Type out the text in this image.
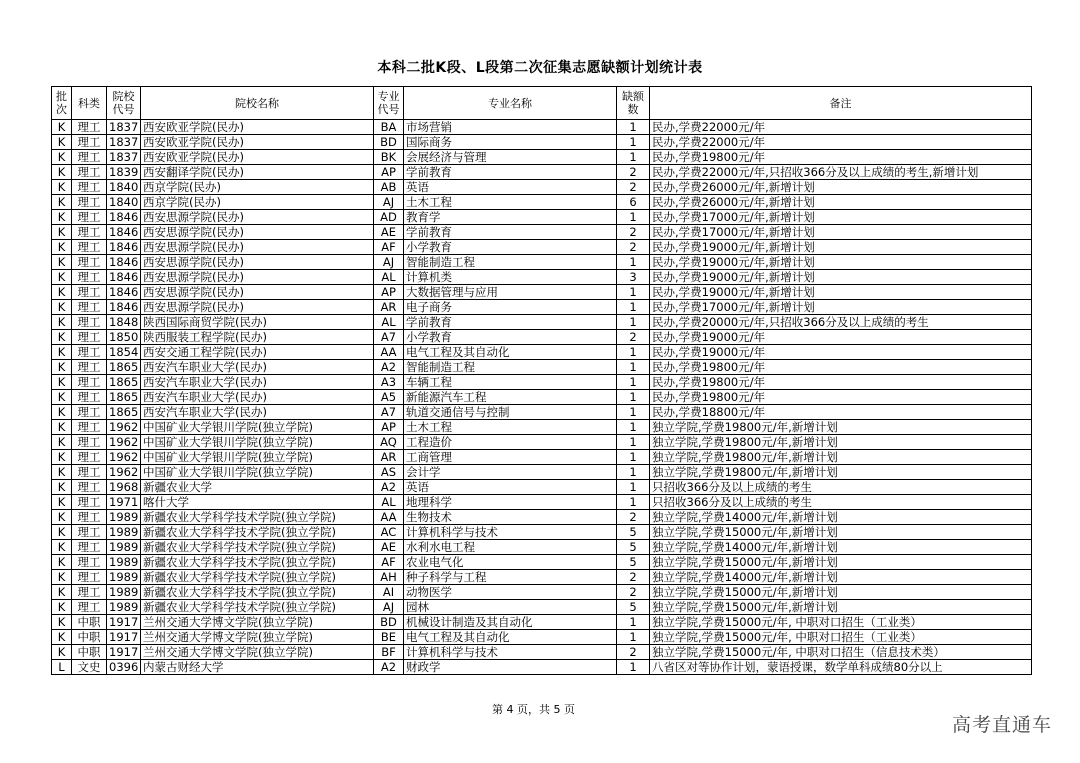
本科二批K段、L段第二次征集志愿缺额计划统计表
批次	科类	院校代号	院校名称	专业代号	专业名称	缺额数	备注
K	理工	1837	西安欧亚学院(民办)	BA	市场营销	1	民办,学费22000元/年
K	理工	1837	西安欧亚学院(民办)	BD	国际商务	1	民办,学费22000元/年
K	理工	1837	西安欧亚学院(民办)	BK	会展经济与管理	1	民办,学费19800元/年
K	理工	1839	西安翻译学院(民办)	AP	学前教育	2	民办,学费22000元/年,只招收366分及以上成绩的考生,新增计划
K	理工	1840	西京学院(民办)	AB	英语	2	民办,学费26000元/年,新增计划
K	理工	1840	西京学院(民办)	AJ	土木工程	6	民办,学费26000元/年,新增计划
K	理工	1846	西安思源学院(民办)	AD	教育学	1	民办,学费17000元/年,新增计划
K	理工	1846	西安思源学院(民办)	AE	学前教育	2	民办,学费17000元/年,新增计划
K	理工	1846	西安思源学院(民办)	AF	小学教育	2	民办,学费19000元/年,新增计划
K	理工	1846	西安思源学院(民办)	AJ	智能制造工程	1	民办,学费19000元/年,新增计划
K	理工	1846	西安思源学院(民办)	AL	计算机类	3	民办,学费19000元/年,新增计划
K	理工	1846	西安思源学院(民办)	AP	大数据管理与应用	1	民办,学费19000元/年,新增计划
K	理工	1846	西安思源学院(民办)	AR	电子商务	1	民办,学费17000元/年,新增计划
K	理工	1848	陕西国际商贸学院(民办)	AL	学前教育	1	民办,学费20000元/年,只招收366分及以上成绩的考生
K	理工	1850	陕西服装工程学院(民办)	A7	小学教育	2	民办,学费19000元/年
K	理工	1854	西安交通工程学院(民办)	AA	电气工程及其自动化	1	民办,学费19000元/年
K	理工	1865	西安汽车职业大学(民办)	A2	智能制造工程	1	民办,学费19800元/年
K	理工	1865	西安汽车职业大学(民办)	A3	车辆工程	1	民办,学费19800元/年
K	理工	1865	西安汽车职业大学(民办)	A5	新能源汽车工程	1	民办,学费19800元/年
K	理工	1865	西安汽车职业大学(民办)	A7	轨道交通信号与控制	1	民办,学费18800元/年
K	理工	1962	中国矿业大学银川学院(独立学院)	AP	土木工程	1	独立学院,学费19800元/年,新增计划
K	理工	1962	中国矿业大学银川学院(独立学院)	AQ	工程造价	1	独立学院,学费19800元/年,新增计划
K	理工	1962	中国矿业大学银川学院(独立学院)	AR	工商管理	1	独立学院,学费19800元/年,新增计划
K	理工	1962	中国矿业大学银川学院(独立学院)	AS	会计学	1	独立学院,学费19800元/年,新增计划
K	理工	1968	新疆农业大学	A2	英语	1	只招收366分及以上成绩的考生
K	理工	1971	喀什大学	AL	地理科学	1	只招收366分及以上成绩的考生
K	理工	1989	新疆农业大学科学技术学院(独立学院)	AA	生物技术	2	独立学院,学费14000元/年,新增计划
K	理工	1989	新疆农业大学科学技术学院(独立学院)	AC	计算机科学与技术	5	独立学院,学费15000元/年,新增计划
K	理工	1989	新疆农业大学科学技术学院(独立学院)	AE	水利水电工程	5	独立学院,学费14000元/年,新增计划
K	理工	1989	新疆农业大学科学技术学院(独立学院)	AF	农业电气化	5	独立学院,学费15000元/年,新增计划
K	理工	1989	新疆农业大学科学技术学院(独立学院)	AH	种子科学与工程	2	独立学院,学费14000元/年,新增计划
K	理工	1989	新疆农业大学科学技术学院(独立学院)	AI	动物医学	2	独立学院,学费15000元/年,新增计划
K	理工	1989	新疆农业大学科学技术学院(独立学院)	AJ	园林	5	独立学院,学费15000元/年,新增计划
K	中职	1917	兰州交通大学博文学院(独立学院)	BD	机械设计制造及其自动化	1	独立学院,学费15000元/年, 中职对口招生（工业类）
K	中职	1917	兰州交通大学博文学院(独立学院)	BE	电气工程及其自动化	1	独立学院,学费15000元/年, 中职对口招生（工业类）
K	中职	1917	兰州交通大学博文学院(独立学院)	BF	计算机科学与技术	2	独立学院,学费15000元/年, 中职对口招生（信息技术类）
L	文史	0396	内蒙古财经大学	A2	财政学	1	八省区对等协作计划，蒙语授课，数学单科成绩80分以上
第 4 页，共 5 页
高考直通车
